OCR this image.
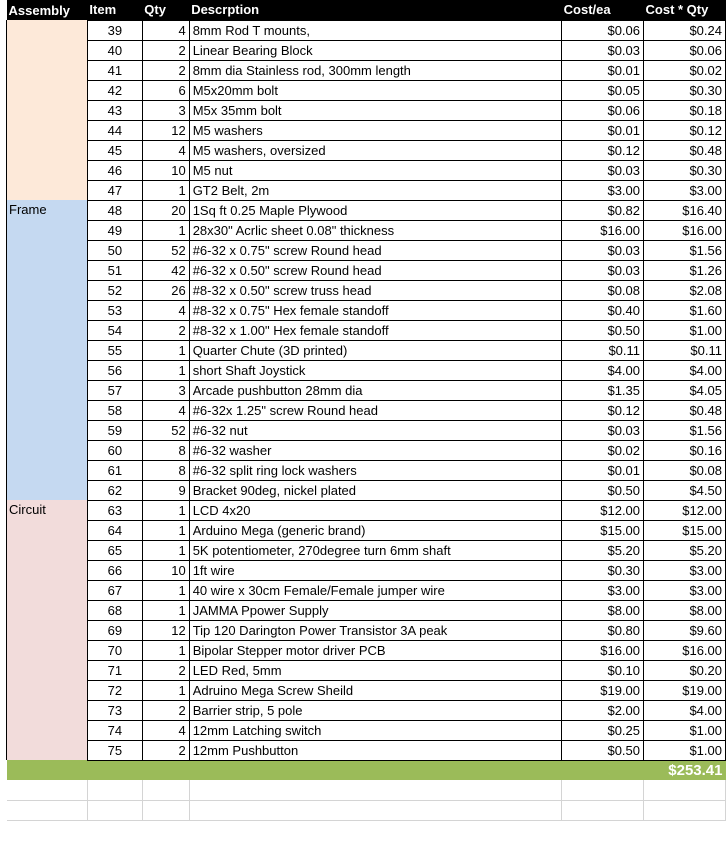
Assembly	Item	Qty	Descrption	Cost/ea	Cost * Qty
	39	4	8mm Rod T mounts,	$0.06	$0.24
	40	2	Linear Bearing Block	$0.03	$0.06
	41	2	8mm dia Stainless rod, 300mm length	$0.01	$0.02
	42	6	M5x20mm bolt	$0.05	$0.30
	43	3	M5x 35mm bolt	$0.06	$0.18
	44	12	M5 washers	$0.01	$0.12
	45	4	M5 washers, oversized	$0.12	$0.48
	46	10	M5 nut	$0.03	$0.30
	47	1	GT2 Belt, 2m	$3.00	$3.00
Frame	48	20	1Sq ft 0.25 Maple Plywood	$0.82	$16.40
	49	1	28x30" Acrlic sheet 0.08" thickness	$16.00	$16.00
	50	52	#6-32 x 0.75" screw Round head	$0.03	$1.56
	51	42	#6-32 x 0.50" screw Round head	$0.03	$1.26
	52	26	#8-32 x 0.50" screw truss head	$0.08	$2.08
	53	4	#8-32 x 0.75" Hex female standoff	$0.40	$1.60
	54	2	#8-32 x 1.00" Hex female standoff	$0.50	$1.00
	55	1	Quarter Chute (3D printed)	$0.11	$0.11
	56	1	short Shaft Joystick	$4.00	$4.00
	57	3	Arcade pushbutton 28mm dia	$1.35	$4.05
	58	4	#6-32x 1.25" screw Round head	$0.12	$0.48
	59	52	#6-32 nut	$0.03	$1.56
	60	8	#6-32 washer	$0.02	$0.16
	61	8	#6-32 split ring lock washers	$0.01	$0.08
	62	9	Bracket 90deg, nickel plated	$0.50	$4.50
Circuit	63	1	LCD 4x20	$12.00	$12.00
	64	1	Arduino Mega (generic brand)	$15.00	$15.00
	65	1	5K potentiometer, 270degree turn 6mm shaft	$5.20	$5.20
	66	10	1ft wire	$0.30	$3.00
	67	1	40 wire x 30cm Female/Female jumper wire	$3.00	$3.00
	68	1	JAMMA Ppower Supply	$8.00	$8.00
	69	12	Tip 120 Darington Power Transistor 3A peak	$0.80	$9.60
	70	1	Bipolar Stepper motor driver PCB	$16.00	$16.00
	71	2	LED Red, 5mm	$0.10	$0.20
	72	1	Adruino Mega Screw Sheild	$19.00	$19.00
	73	2	Barrier strip, 5 pole	$2.00	$4.00
	74	4	12mm Latching switch	$0.25	$1.00
	75	2	12mm Pushbutton	$0.50	$1.00
					$253.41
